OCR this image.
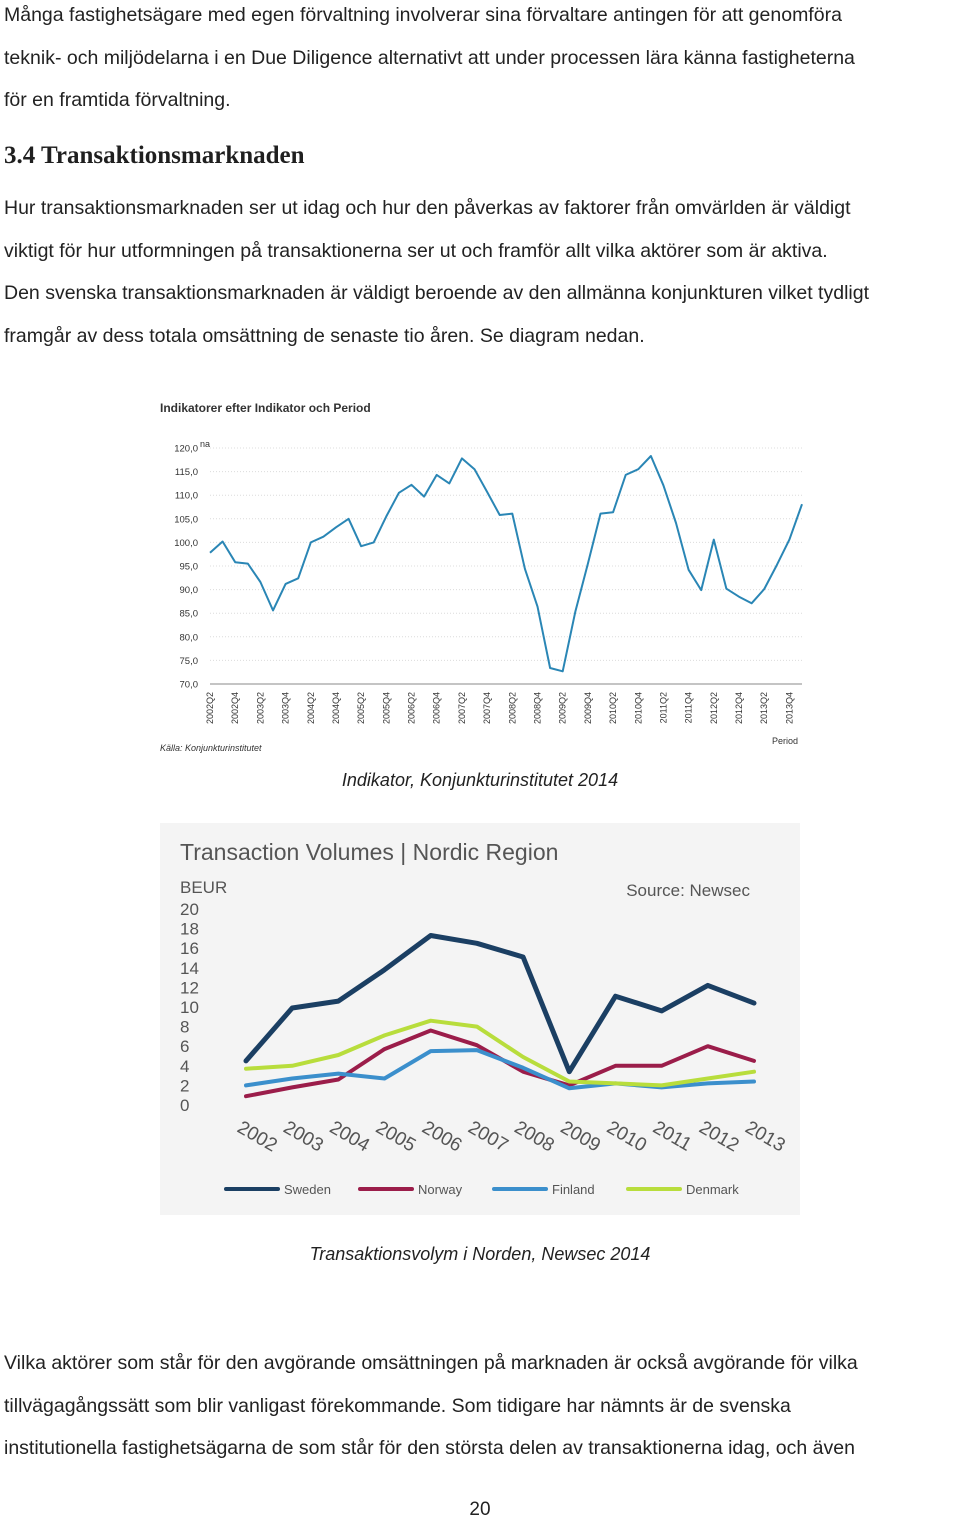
Många fastighetsägare med egen förvaltning involverar sina förvaltare antingen för att genomföra
teknik- och miljödelarna i en Due Diligence alternativt att under processen lära känna fastigheterna
för en framtida förvaltning.
3.4 Transaktionsmarknaden
Hur transaktionsmarknaden ser ut idag och hur den påverkas av faktorer från omvärlden är väldigt
viktigt för hur utformningen på transaktionerna ser ut och framför allt vilka aktörer som är aktiva.
Den svenska transaktionsmarknaden är väldigt beroende av den allmänna konjunkturen vilket tydligt
framgår av dess totala omsättning de senaste tio åren. Se diagram nedan.
Indikatorer efter Indikator och Period
na
120,0
115,0
110,0
105,0
100,0
95,0
90,0
85,0
80,0
75,0
70,0
2002Q2 2002Q4 2003Q2 2003Q4 2004Q2 2004Q4 2005Q2 2005Q4 2006Q2 2006Q4 2007Q2 2007Q4 2008Q2 2008Q4 2009Q2 2009Q4 2010Q2 2010Q4 2011Q2 2011Q4 2012Q2 2012Q4 2013Q2 2013Q4
Period
Källa: Konjunkturinstitutet

Indikator, Konjunkturinstitutet 2014

Transaction Volumes | Nordic Region
BEUR	Source: Newsec
20
18
16
14
12
10
8
6
4
2
0
2002 2003 2004 2005 2006 2007 2008 2009 2010 2011 2012 2013
Sweden	Norway	Finland	Denmark

Transaktionsvolym i Norden, Newsec 2014

Vilka aktörer som står för den avgörande omsättningen på marknaden är också avgörande för vilka
tillvägagångssätt som blir vanligast förekommande. Som tidigare har nämnts är de svenska
institutionella fastighetsägarna de som står för den största delen av transaktionerna idag, och även
20
